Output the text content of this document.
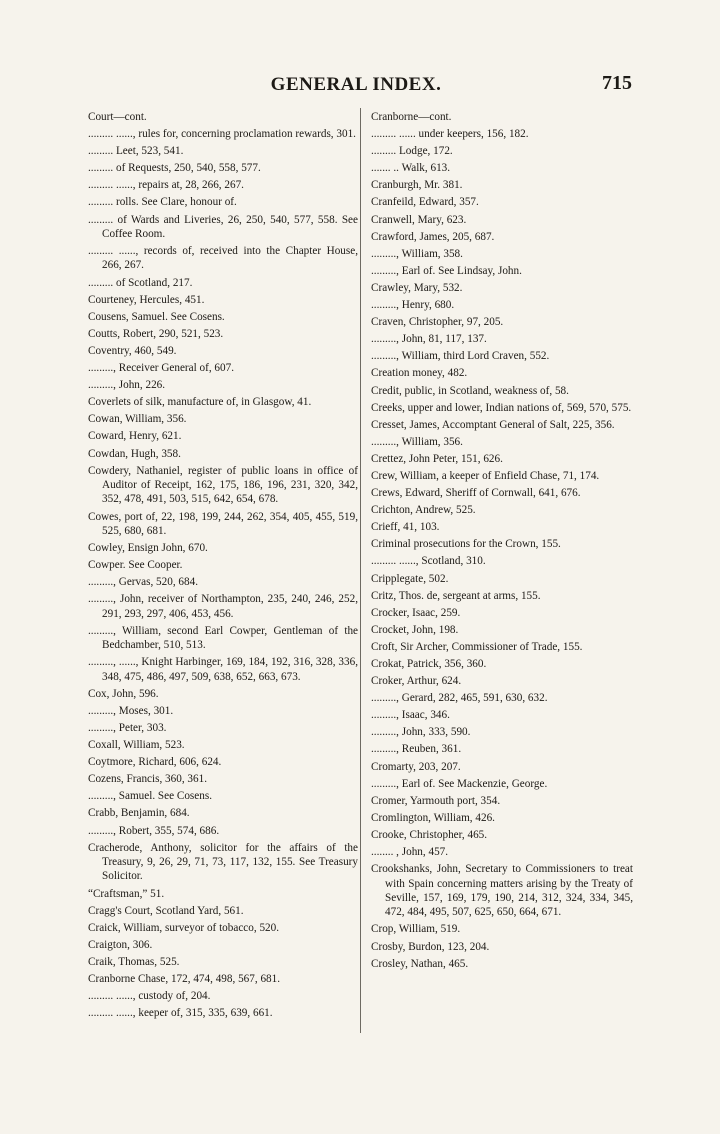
GENERAL INDEX.	715

Court—cont.

......... ......, rules for, concerning proclamation rewards, 301.

......... Leet, 523, 541.

......... of Requests, 250, 540, 558, 577.

......... ......, repairs at, 28, 266, 267.

......... rolls. See Clare, honour of.

......... of Wards and Liveries, 26, 250, 540, 577, 558. See Coffee Room.

......... ......, records of, received into the Chapter House, 266, 267.

......... of Scotland, 217.

Courteney, Hercules, 451.

Cousens, Samuel. See Cosens.

Coutts, Robert, 290, 521, 523.

Coventry, 460, 549.

........., Receiver General of, 607.

........., John, 226.

Coverlets of silk, manufacture of, in Glasgow, 41.

Cowan, William, 356.

Coward, Henry, 621.

Cowdan, Hugh, 358.

Cowdery, Nathaniel, register of public loans in office of Auditor of Receipt, 162, 175, 186, 196, 231, 320, 342, 352, 478, 491, 503, 515, 642, 654, 678.

Cowes, port of, 22, 198, 199, 244, 262, 354, 405, 455, 519, 525, 680, 681.

Cowley, Ensign John, 670.

Cowper. See Cooper.

........., Gervas, 520, 684.

........., John, receiver of Northampton, 235, 240, 246, 252, 291, 293, 297, 406, 453, 456.

........., William, second Earl Cowper, Gentleman of the Bedchamber, 510, 513.

........., ......, Knight Harbinger, 169, 184, 192, 316, 328, 336, 348, 475, 486, 497, 509, 638, 652, 663, 673.

Cox, John, 596.

........., Moses, 301.

........., Peter, 303.

Coxall, William, 523.

Coytmore, Richard, 606, 624.

Cozens, Francis, 360, 361.

........., Samuel. See Cosens.

Crabb, Benjamin, 684.

........., Robert, 355, 574, 686.

Cracherode, Anthony, solicitor for the affairs of the Treasury, 9, 26, 29, 71, 73, 117, 132, 155. See Treasury Solicitor.

“Craftsman,” 51.

Cragg's Court, Scotland Yard, 561.

Craick, William, surveyor of tobacco, 520.

Craigton, 306.

Craik, Thomas, 525.

Cranborne Chase, 172, 474, 498, 567, 681.

......... ......, custody of, 204.

......... ......, keeper of, 315, 335, 639, 661.

Cranborne—cont.

......... ...... under keepers, 156, 182.

......... Lodge, 172.

....... .. Walk, 613.

Cranburgh, Mr. 381.

Cranfeild, Edward, 357.

Cranwell, Mary, 623.

Crawford, James, 205, 687.

........., William, 358.

........., Earl of. See Lindsay, John.

Crawley, Mary, 532.

........., Henry, 680.

Craven, Christopher, 97, 205.

........., John, 81, 117, 137.

........., William, third Lord Craven, 552.

Creation money, 482.

Credit, public, in Scotland, weakness of, 58.

Creeks, upper and lower, Indian nations of, 569, 570, 575.

Cresset, James, Accomptant General of Salt, 225, 356.

........., William, 356.

Crettez, John Peter, 151, 626.

Crew, William, a keeper of Enfield Chase, 71, 174.

Crews, Edward, Sheriff of Cornwall, 641, 676.

Crichton, Andrew, 525.

Crieff, 41, 103.

Criminal prosecutions for the Crown, 155.

......... ......, Scotland, 310.

Cripplegate, 502.

Critz, Thos. de, sergeant at arms, 155.

Crocker, Isaac, 259.

Crocket, John, 198.

Croft, Sir Archer, Commissioner of Trade, 155.

Crokat, Patrick, 356, 360.

Croker, Arthur, 624.

........., Gerard, 282, 465, 591, 630, 632.

........., Isaac, 346.

........., John, 333, 590.

........., Reuben, 361.

Cromarty, 203, 207.

........., Earl of. See Mackenzie, George.

Cromer, Yarmouth port, 354.

Cromlington, William, 426.

Crooke, Christopher, 465.

........ , John, 457.

Crookshanks, John, Secretary to Commissioners to treat with Spain concerning matters arising by the Treaty of Seville, 157, 169, 179, 190, 214, 312, 324, 334, 345, 472, 484, 495, 507, 625, 650, 664, 671.

Crop, William, 519.

Crosby, Burdon, 123, 204.

Crosley, Nathan, 465.
